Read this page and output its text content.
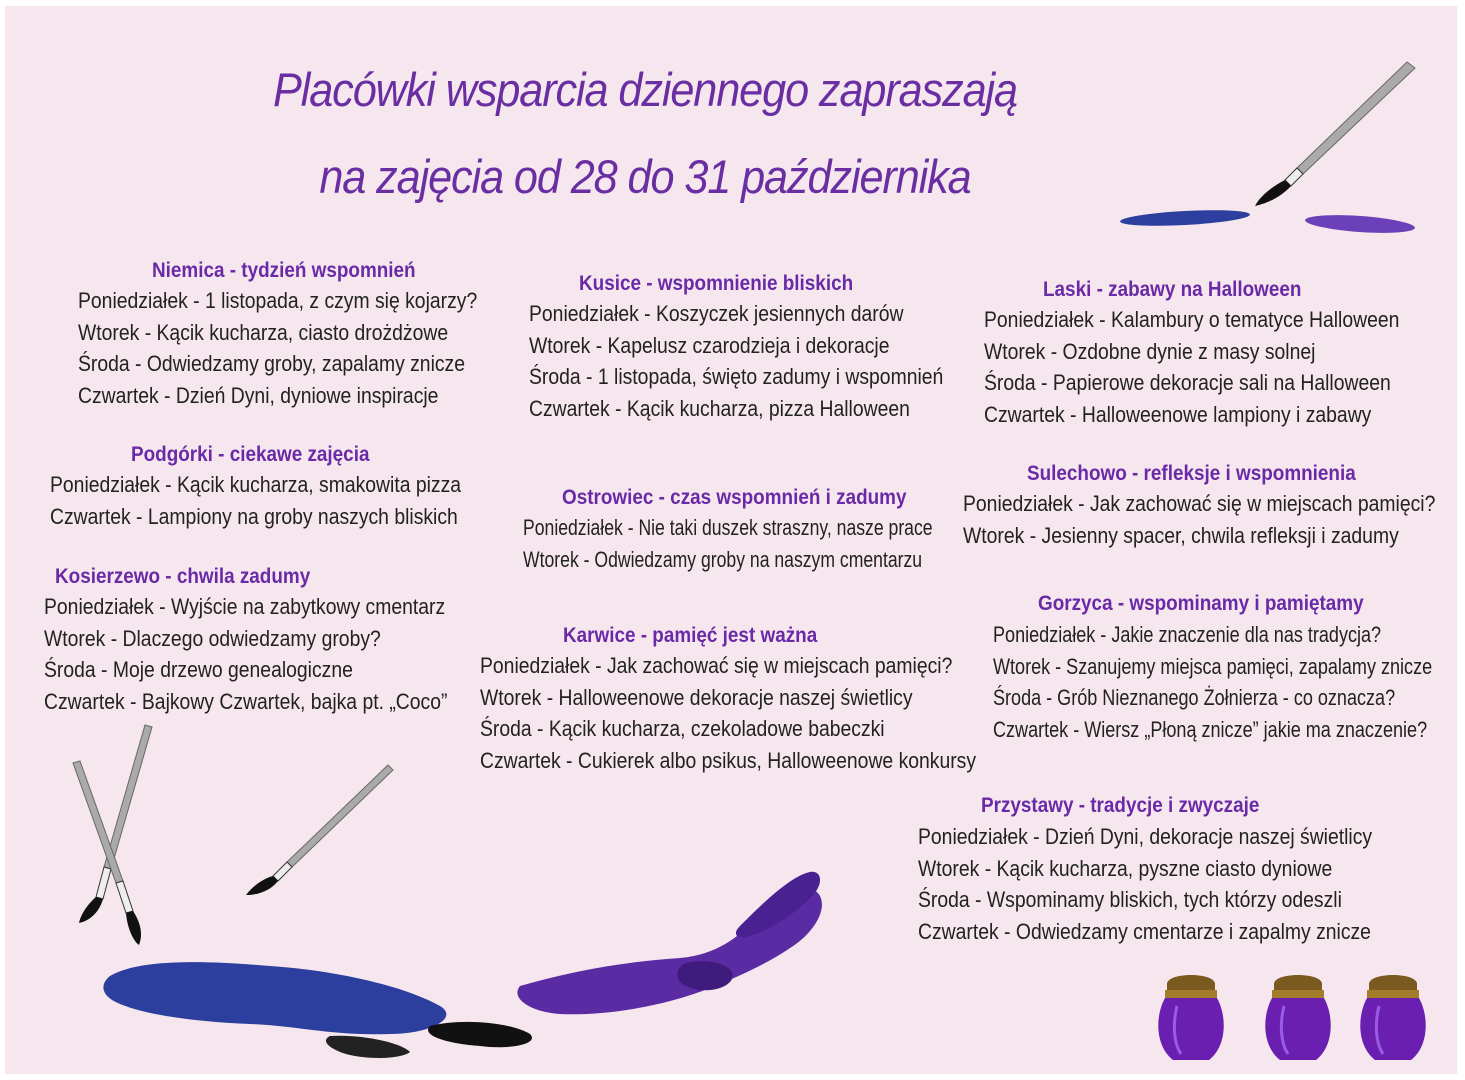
Placówki wsparcia dziennego zapraszają
na zajęcia od 28 do 31 października
Niemica - tydzień wspomnień
Poniedziałek - 1 listopada, z czym się kojarzy?
Wtorek - Kącik kucharza, ciasto drożdżowe
Środa - Odwiedzamy groby, zapalamy znicze
Czwartek - Dzień Dyni, dyniowe inspiracje
Podgórki - ciekawe zajęcia
Poniedziałek - Kącik kucharza, smakowita pizza
Czwartek - Lampiony na groby naszych bliskich
Kosierzewo - chwila zadumy
Poniedziałek - Wyjście na zabytkowy cmentarz
Wtorek - Dlaczego odwiedzamy groby?
Środa - Moje drzewo genealogiczne
Czwartek - Bajkowy Czwartek, bajka pt. „Coco”
Kusice - wspomnienie bliskich
Poniedziałek - Koszyczek jesiennych darów
Wtorek - Kapelusz czarodzieja i dekoracje
Środa - 1 listopada, święto zadumy i wspomnień
Czwartek - Kącik kucharza, pizza Halloween
Ostrowiec - czas wspomnień i zadumy
Poniedziałek - Nie taki duszek straszny, nasze prace
Wtorek - Odwiedzamy groby na naszym cmentarzu
Karwice - pamięć jest ważna
Poniedziałek - Jak zachować się w miejscach pamięci?
Wtorek - Halloweenowe dekoracje naszej świetlicy
Środa - Kącik kucharza, czekoladowe babeczki
Czwartek - Cukierek albo psikus, Halloweenowe konkursy
Laski - zabawy na Halloween
Poniedziałek - Kalambury o tematyce Halloween
Wtorek - Ozdobne dynie z masy solnej
Środa - Papierowe dekoracje sali na Halloween
Czwartek - Halloweenowe lampiony i zabawy
Sulechowo - refleksje i wspomnienia
Poniedziałek - Jak zachować się w miejscach pamięci?
Wtorek - Jesienny spacer, chwila refleksji i zadumy
Gorzyca - wspominamy i pamiętamy
Poniedziałek - Jakie znaczenie dla nas tradycja?
Wtorek - Szanujemy miejsca pamięci, zapalamy znicze
Środa - Grób Nieznanego Żołnierza - co oznacza?
Czwartek - Wiersz „Płoną znicze” jakie ma znaczenie?
Przystawy - tradycje i zwyczaje
Poniedziałek - Dzień Dyni, dekoracje naszej świetlicy
Wtorek - Kącik kucharza, pyszne ciasto dyniowe
Środa - Wspominamy bliskich, tych którzy odeszli
Czwartek - Odwiedzamy cmentarze i zapalmy znicze
